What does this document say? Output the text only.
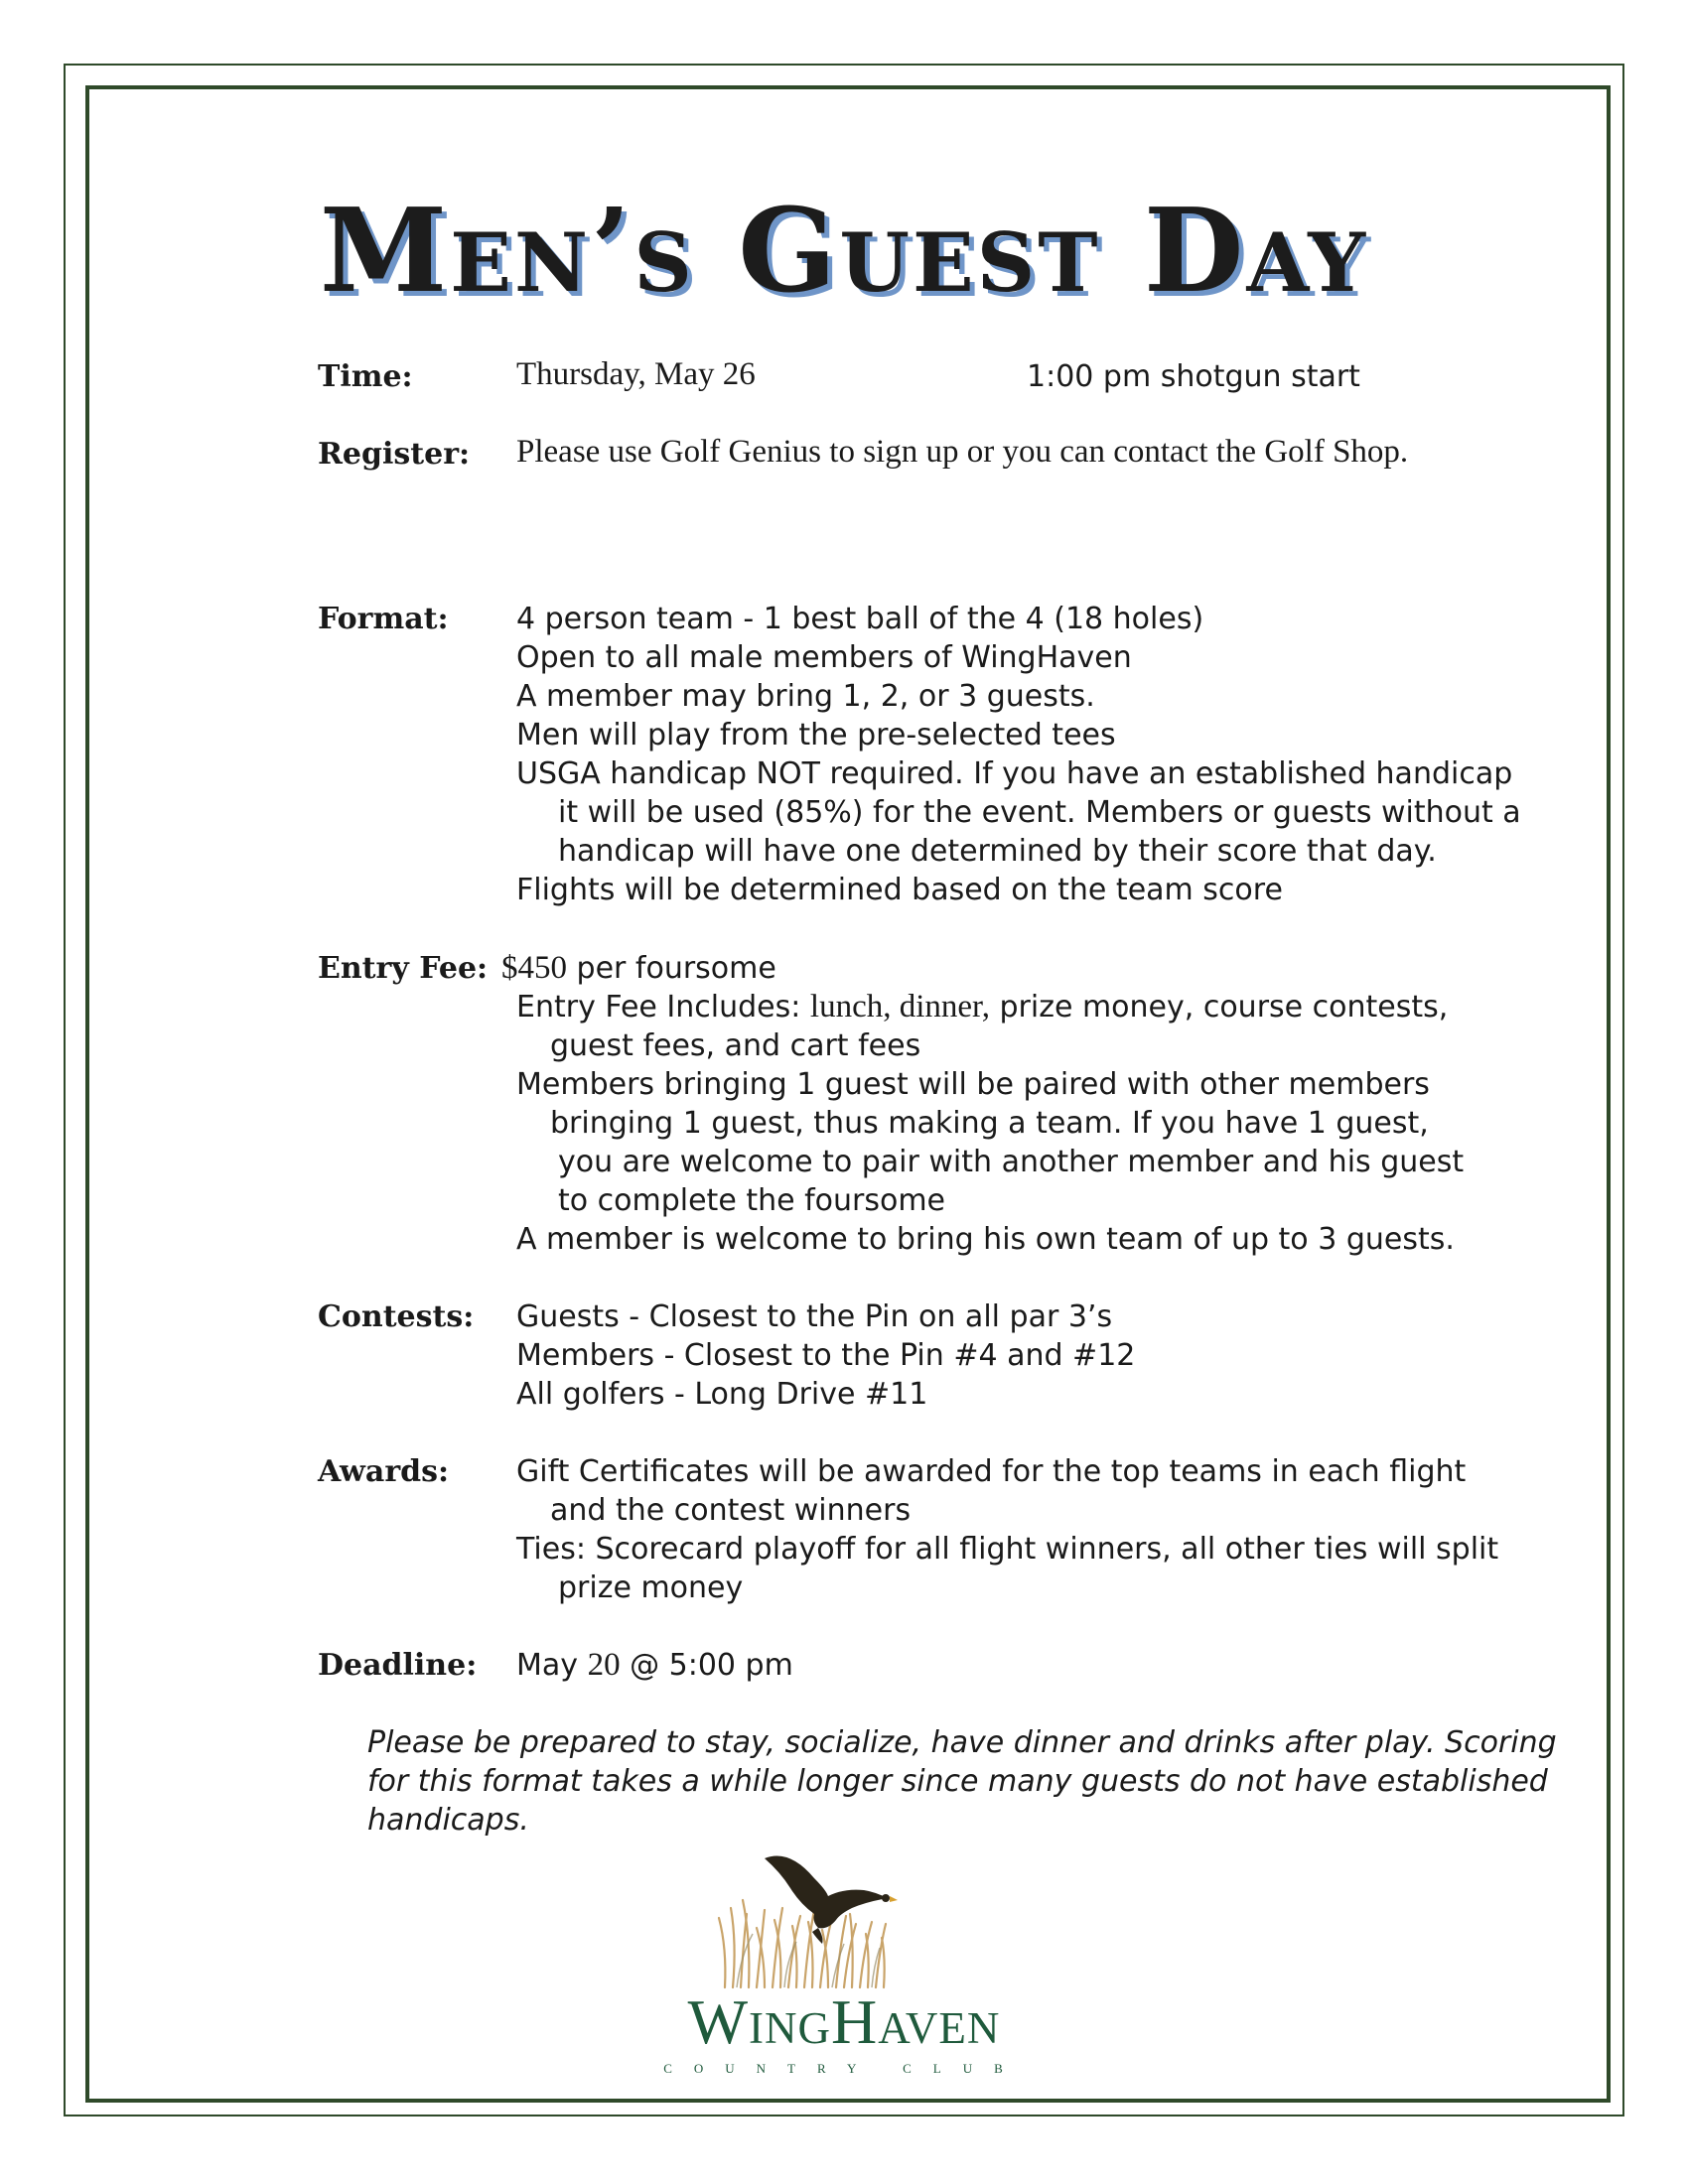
Men’s Guest Day
Time:	Thursday, May 26	1:00 pm shotgun start
Register: Please use Golf Genius to sign up or you can contact the Golf Shop.
Format: 4 person team - 1 best ball of the 4 (18 holes)
Open to all male members of WingHaven
A member may bring 1, 2, or 3 guests.
Men will play from the pre-selected tees
USGA handicap NOT required. If you have an established handicap
it will be used (85%) for the event. Members or guests without a
handicap will have one determined by their score that day.
Flights will be determined based on the team score
Entry Fee: $450 per foursome
Entry Fee Includes: lunch, dinner, prize money, course contests,
guest fees, and cart fees
Members bringing 1 guest will be paired with other members
bringing 1 guest, thus making a team. If you have 1 guest,
you are welcome to pair with another member and his guest
to complete the foursome
A member is welcome to bring his own team of up to 3 guests.
Contests: Guests - Closest to the Pin on all par 3’s
Members - Closest to the Pin #4 and #12
All golfers - Long Drive #11
Awards: Gift Certificates will be awarded for the top teams in each flight
and the contest winners
Ties: Scorecard playoff for all flight winners, all other ties will split
prize money
Deadline: May 20 @ 5:00 pm
Please be prepared to stay, socialize, have dinner and drinks after play. Scoring for this format takes a while longer since many guests do not have established handicaps.
WingHaven
COUNTRY CLUB
